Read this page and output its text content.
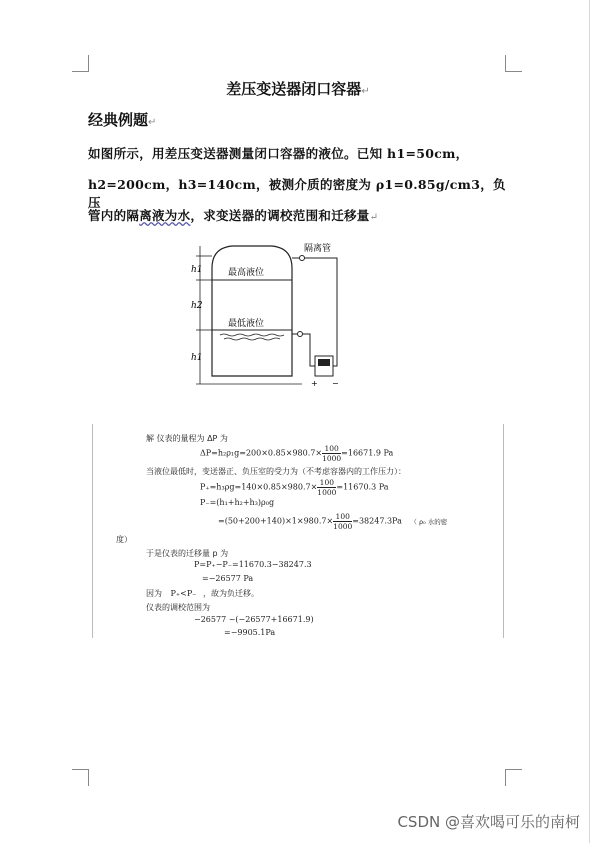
差压变送器闭口容器↵
经典例题↵
如图所示，用差压变送器测量闭口容器的液位。已知 h1=50cm，
h2=200cm，h3=140cm，被测介质的密度为 ρ1=0.85g/cm3，负压
管内的隔离液为水，求变送器的调校范围和迁移量↵
h1
h2
h1
最高液位
最低液位
隔离管
+ −
解 仪表的量程为 ΔP 为
$\Delta P=h_2\rho_1g=200\times 0.85\times 980.7\times \frac{100}{1000} =16671.9$ Pa
当液位最低时，变送器正、负压室的受力为（不考虑容器内的工作压力）：
$P_+=h_3\rho g=140\times 0.85\times 980.7\times \frac{100}{1000} =11670.3$ Pa
P₋=(h₁+h₂+h₃)ρ₀g
$=(50+200+140)\times 1\times 980.7\times \frac{100}{1000} =38247.3Pa$ （ ρ₀ 水的密
度）
于是仪表的迁移量 p 为
P=P₊−P₋=11670.3−38247.3
=−26577 Pa
因为 P₊<P₋ ，故为负迁移。
仪表的调校范围为
−26577 ~(−26577+16671.9)
=−9905.1Pa
CSDN @喜欢喝可乐的南柯
